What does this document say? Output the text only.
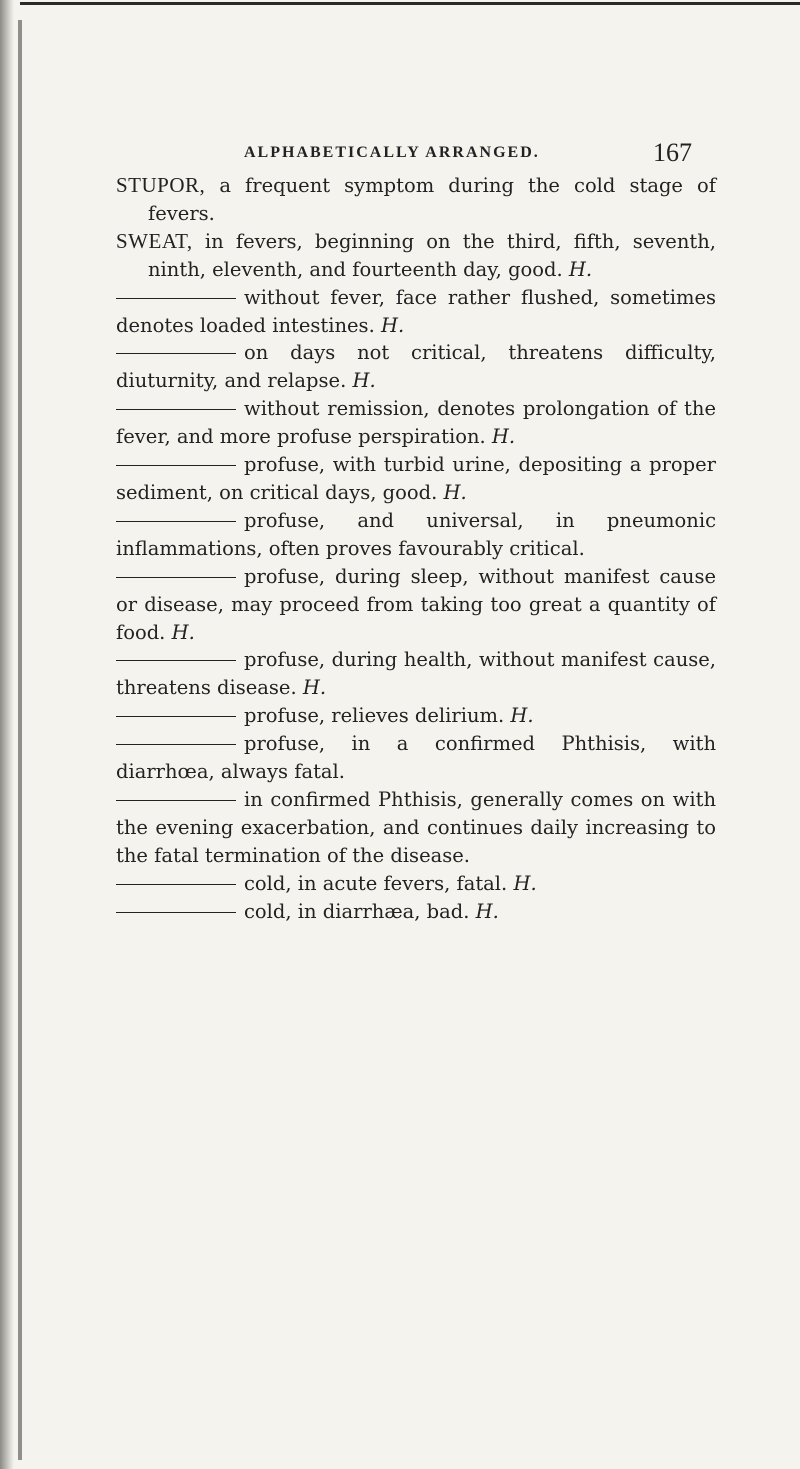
ALPHABETICALLY ARRANGED.	167

STUPOR, a frequent symptom during the cold stage of fevers.

SWEAT, in fevers, beginning on the third, fifth, seventh, ninth, eleventh, and fourteenth day, good. H.

without fever, face rather flushed, sometimes denotes loaded intestines. H.

on days not critical, threatens difficulty, diuturnity, and relapse. H.

without remission, denotes prolongation of the fever, and more profuse perspiration. H.

profuse, with turbid urine, depositing a proper sediment, on critical days, good. H.

profuse, and universal, in pneumonic inflammations, often proves favourably critical.

profuse, during sleep, without manifest cause or disease, may proceed from taking too great a quantity of food. H.

profuse, during health, without manifest cause, threatens disease. H.

profuse, relieves delirium. H.

profuse, in a confirmed Phthisis, with diarrhœa, always fatal.

in confirmed Phthisis, generally comes on with the evening exacerbation, and continues daily increasing to the fatal termination of the disease.

cold, in acute fevers, fatal. H.

cold, in diarrhæa, bad. H.
